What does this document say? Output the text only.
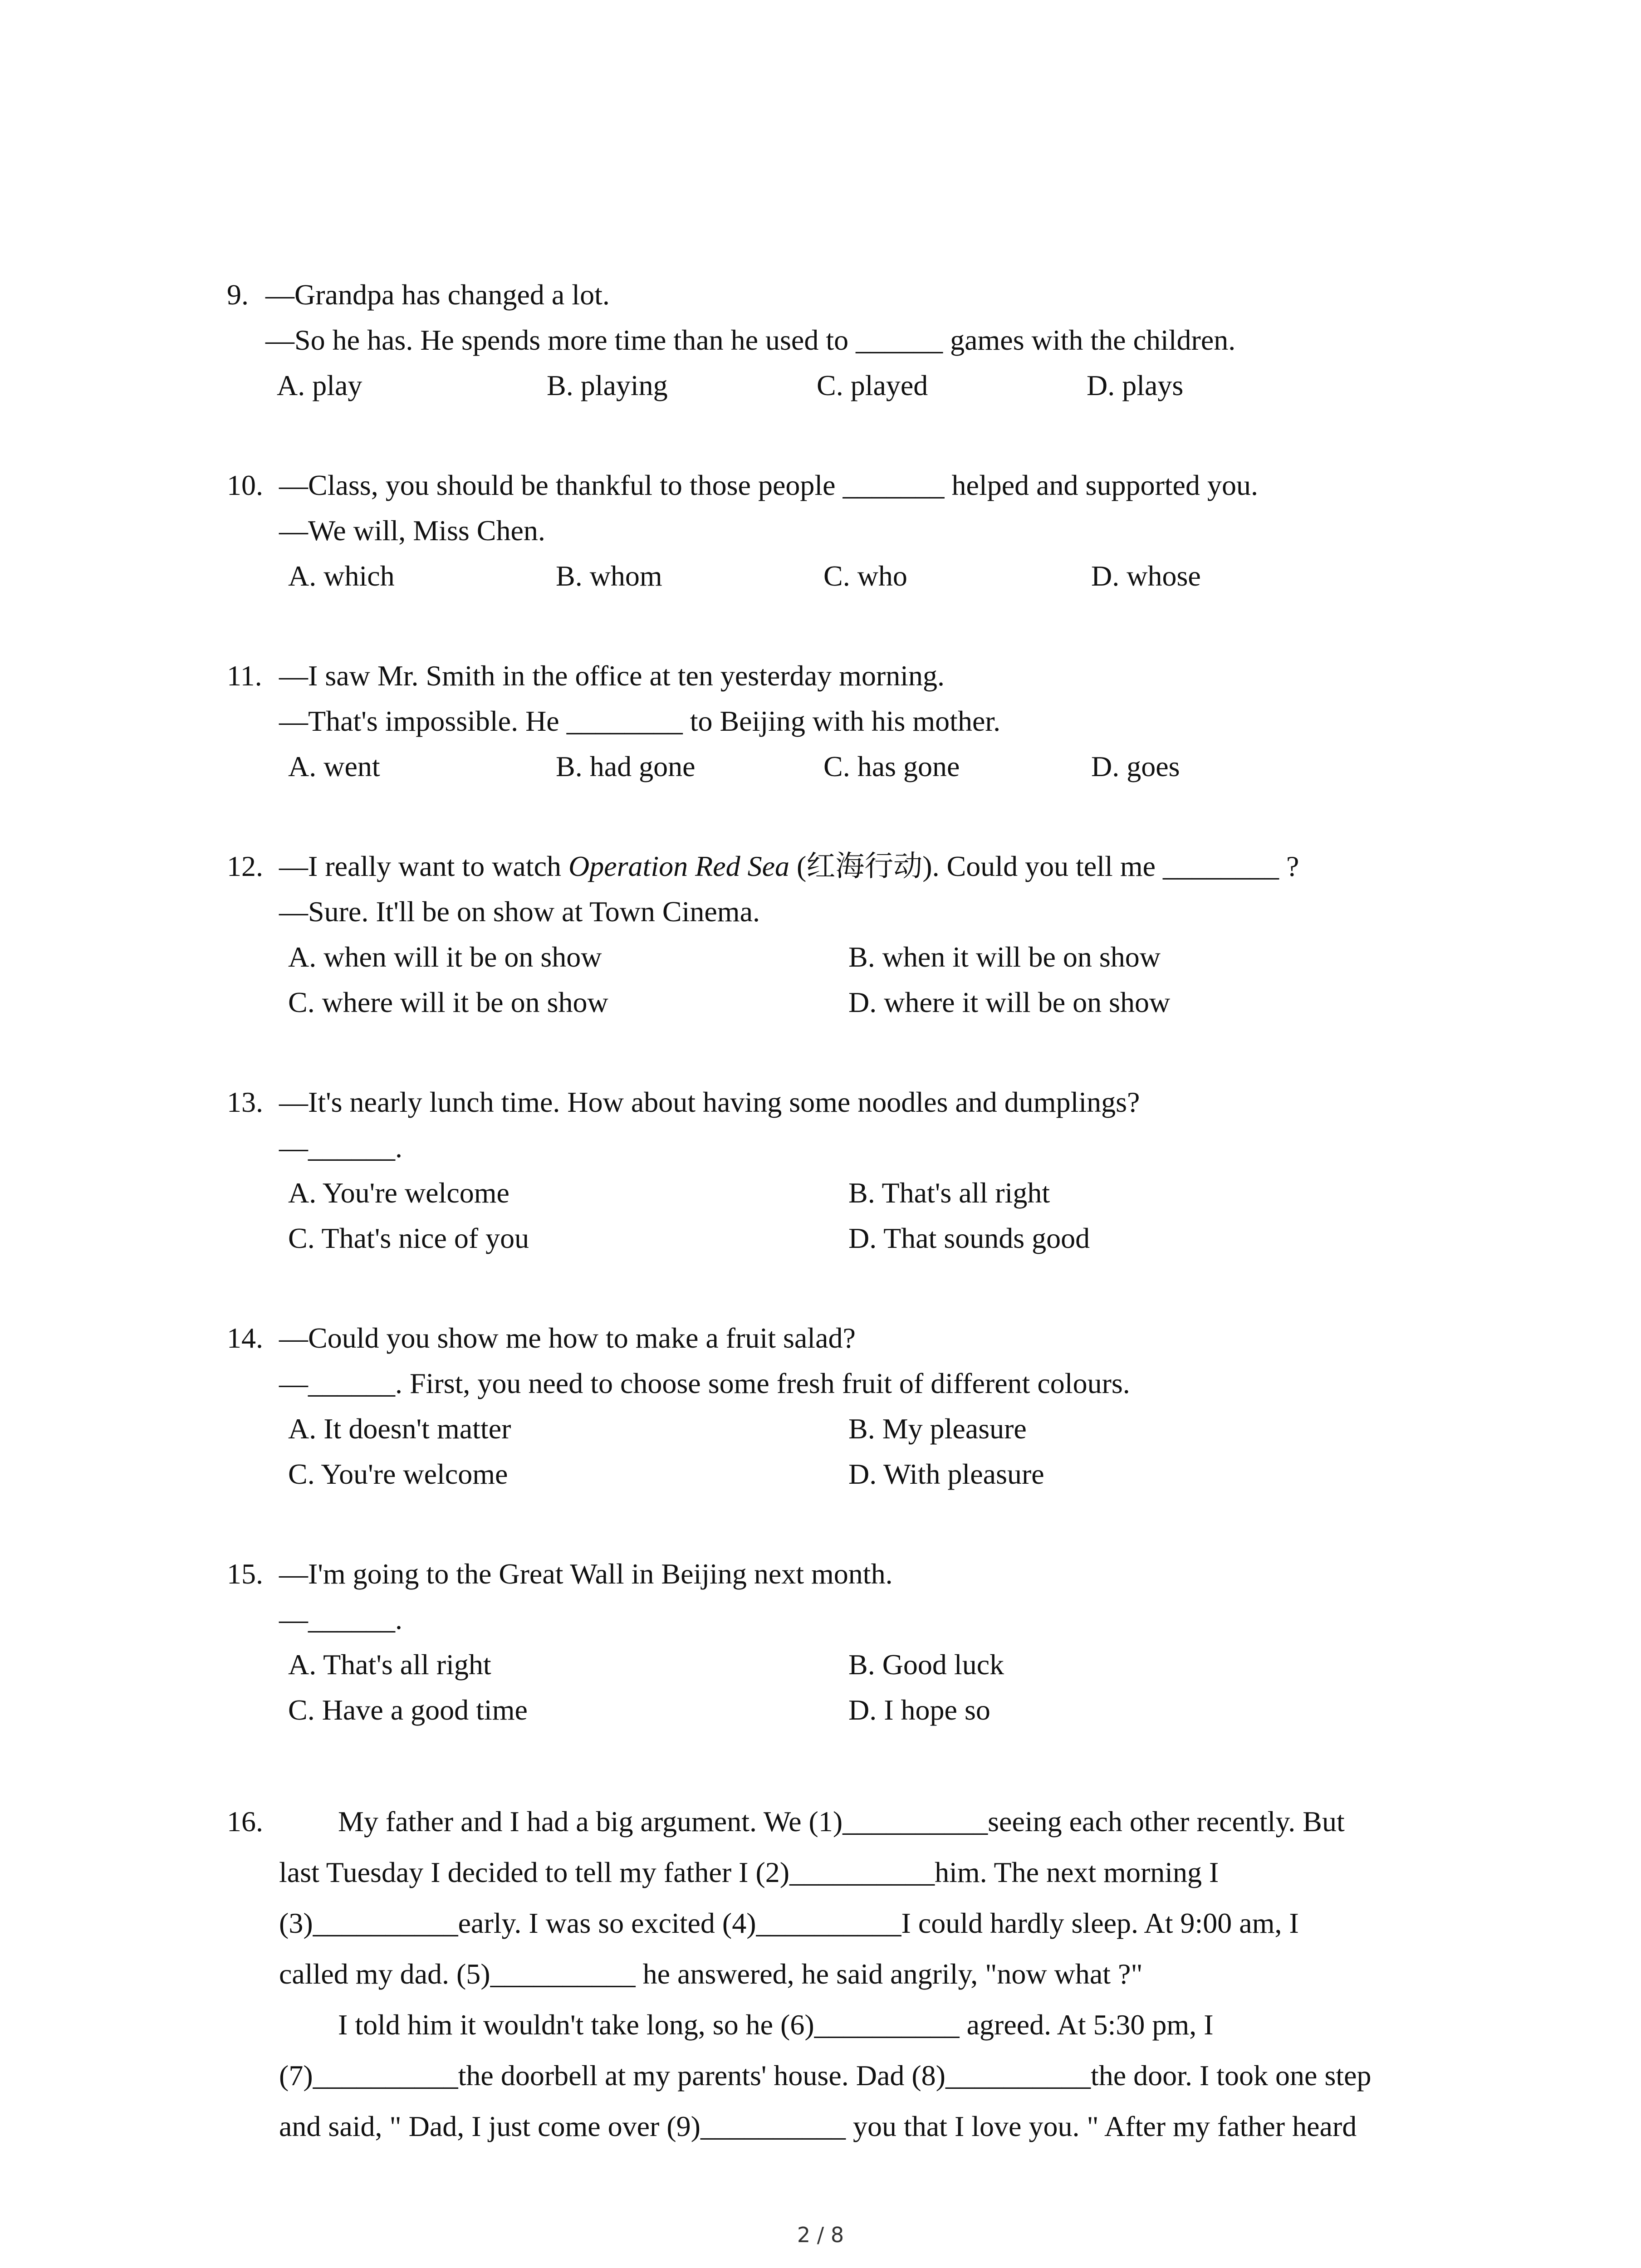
9. —Grandpa has changed a lot.
—So he has. He spends more time than he used to ______ games with the children.
A. play	B. playing	C. played	D. plays
10. —Class, you should be thankful to those people _______ helped and supported you.
—We will, Miss Chen.
A. which	B. whom	C. who	D. whose
11. —I saw Mr. Smith in the office at ten yesterday morning.
—That's impossible. He ________ to Beijing with his mother.
A. went	B. had gone	C. has gone	D. goes
12. —I really want to watch Operation Red Sea (红海行动). Could you tell me ________ ?
—Sure. It'll be on show at Town Cinema.
A. when will it be on show	B. when it will be on show
C. where will it be on show	D. where it will be on show
13. —It's nearly lunch time. How about having some noodles and dumplings?
—______.
A. You're welcome	B. That's all right
C. That's nice of you	D. That sounds good
14. —Could you show me how to make a fruit salad?
—______. First, you need to choose some fresh fruit of different colours.
A. It doesn't matter	B. My pleasure
C. You're welcome	D. With pleasure
15. —I'm going to the Great Wall in Beijing next month.
—______.
A. That's all right	B. Good luck
C. Have a good time	D. I hope so
16.	My father and I had a big argument. We (1)__________seeing each other recently. But
last Tuesday I decided to tell my father I (2)__________him. The next morning I
(3)__________early. I was so excited (4)__________I could hardly sleep. At 9:00 am, I
called my dad. (5)__________ he answered, he said angrily, "now what ?"
I told him it wouldn't take long, so he (6)__________ agreed. At 5:30 pm, I
(7)__________the doorbell at my parents' house. Dad (8)__________the door. I took one step
and said, " Dad, I just come over (9)__________ you that I love you. " After my father heard
2 / 8
